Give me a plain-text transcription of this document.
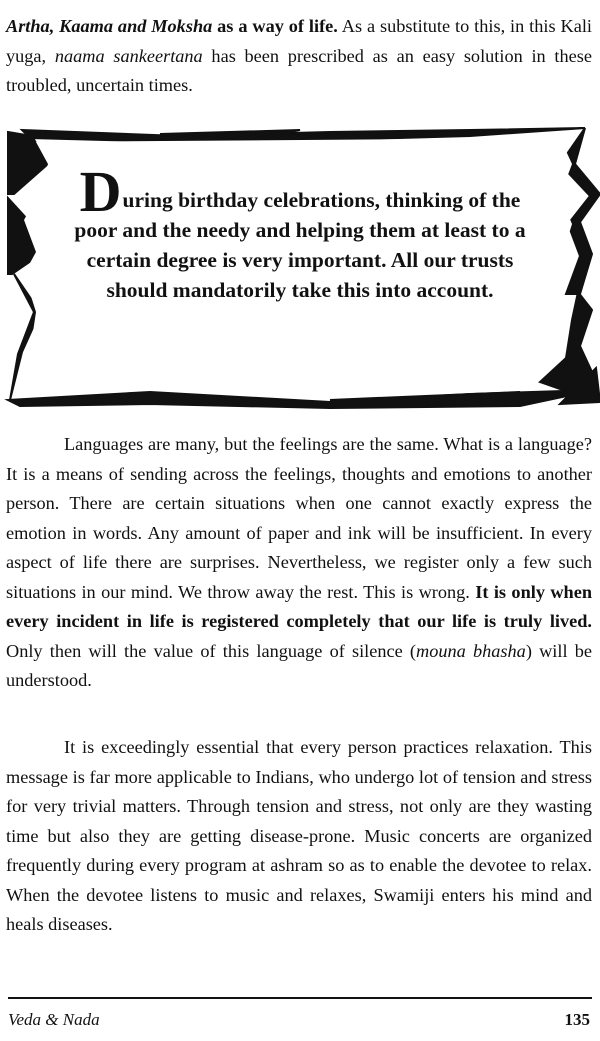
Artha, Kaama and Moksha as a way of life. As a substitute to this, in this Kali yuga, naama sankeertana has been prescribed as an easy solution in these troubled, uncertain times.

During birthday celebrations, thinking of the poor and the needy and helping them at least to a certain degree is very important. All our trusts should mandatorily take this into account.

Languages are many, but the feelings are the same. What is a language? It is a means of sending across the feelings, thoughts and emotions to another person. There are certain situations when one cannot exactly express the emotion in words. Any amount of paper and ink will be insufficient. In every aspect of life there are surprises. Nevertheless, we register only a few such situations in our mind. We throw away the rest. This is wrong. It is only when every incident in life is registered completely that our life is truly lived. Only then will the value of this language of silence (mouna bhasha) will be understood.

It is exceedingly essential that every person practices relaxation. This message is far more applicable to Indians, who undergo lot of tension and stress for very trivial matters. Through tension and stress, not only are they wasting time but also they are getting disease-prone. Music concerts are organized frequently during every program at ashram so as to enable the devotee to relax. When the devotee listens to music and relaxes, Swamiji enters his mind and heals diseases.

Veda & Nada	135
